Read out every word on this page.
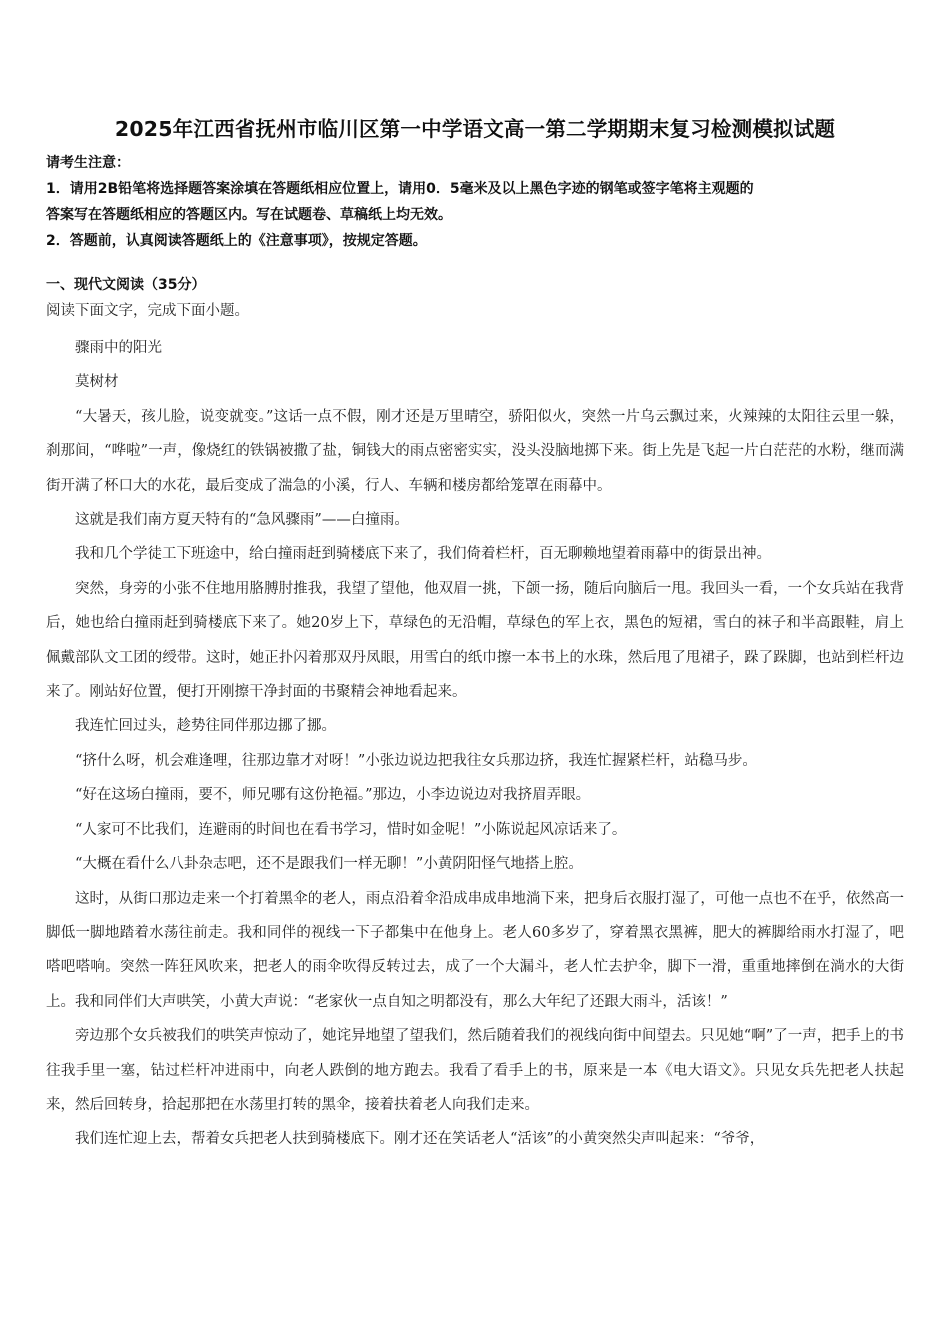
2025年江西省抚州市临川区第一中学语文高一第二学期期末复习检测模拟试题
请考生注意：
1．请用2B铅笔将选择题答案涂填在答题纸相应位置上，请用0．5毫米及以上黑色字迹的钢笔或签字笔将主观题的
答案写在答题纸相应的答题区内。写在试题卷、草稿纸上均无效。
2．答题前，认真阅读答题纸上的《注意事项》，按规定答题。
一、现代文阅读（35分）
阅读下面文字，完成下面小题。

骤雨中的阳光

莫树材

“大暑天，孩儿脸，说变就变。”这话一点不假，刚才还是万里晴空，骄阳似火，突然一片乌云飘过来，火辣辣的太阳往云里一躲，刹那间，“哗啦”一声，像烧红的铁锅被撒了盐，铜钱大的雨点密密实实，没头没脑地掷下来。街上先是飞起一片白茫茫的水粉，继而满街开满了杯口大的水花，最后变成了湍急的小溪，行人、车辆和楼房都给笼罩在雨幕中。

这就是我们南方夏天特有的“急风骤雨”——白撞雨。

我和几个学徒工下班途中，给白撞雨赶到骑楼底下来了，我们倚着栏杆，百无聊赖地望着雨幕中的街景出神。

突然，身旁的小张不住地用胳膊肘推我，我望了望他，他双眉一挑，下颌一扬，随后向脑后一甩。我回头一看，一个女兵站在我背后，她也给白撞雨赶到骑楼底下来了。她20岁上下，草绿色的无沿帽，草绿色的军上衣，黑色的短裙，雪白的袜子和半高跟鞋，肩上佩戴部队文工团的绶带。这时，她正扑闪着那双丹凤眼，用雪白的纸巾擦一本书上的水珠，然后甩了甩裙子，跺了跺脚，也站到栏杆边来了。刚站好位置，便打开刚擦干净封面的书聚精会神地看起来。

我连忙回过头，趁势往同伴那边挪了挪。

“挤什么呀，机会难逢哩，往那边靠才对呀！”小张边说边把我往女兵那边挤，我连忙握紧栏杆，站稳马步。

“好在这场白撞雨，要不，师兄哪有这份艳福。”那边，小李边说边对我挤眉弄眼。

“人家可不比我们，连避雨的时间也在看书学习，惜时如金呢！”小陈说起风凉话来了。

“大概在看什么八卦杂志吧，还不是跟我们一样无聊！”小黄阴阳怪气地搭上腔。

这时，从街口那边走来一个打着黑伞的老人，雨点沿着伞沿成串成串地淌下来，把身后衣服打湿了，可他一点也不在乎，依然高一脚低一脚地踏着水荡往前走。我和同伴的视线一下子都集中在他身上。老人60多岁了，穿着黑衣黑裤，肥大的裤脚给雨水打湿了，吧嗒吧嗒响。突然一阵狂风吹来，把老人的雨伞吹得反转过去，成了一个大漏斗，老人忙去护伞，脚下一滑，重重地摔倒在淌水的大街上。我和同伴们大声哄笑，小黄大声说：“老家伙一点自知之明都没有，那么大年纪了还跟大雨斗，活该！”

旁边那个女兵被我们的哄笑声惊动了，她诧异地望了望我们，然后随着我们的视线向街中间望去。只见她“啊”了一声，把手上的书往我手里一塞，钻过栏杆冲进雨中，向老人跌倒的地方跑去。我看了看手上的书，原来是一本《电大语文》。只见女兵先把老人扶起来，然后回转身，拾起那把在水荡里打转的黑伞，接着扶着老人向我们走来。

我们连忙迎上去，帮着女兵把老人扶到骑楼底下。刚才还在笑话老人“活该”的小黄突然尖声叫起来：“爷爷，
